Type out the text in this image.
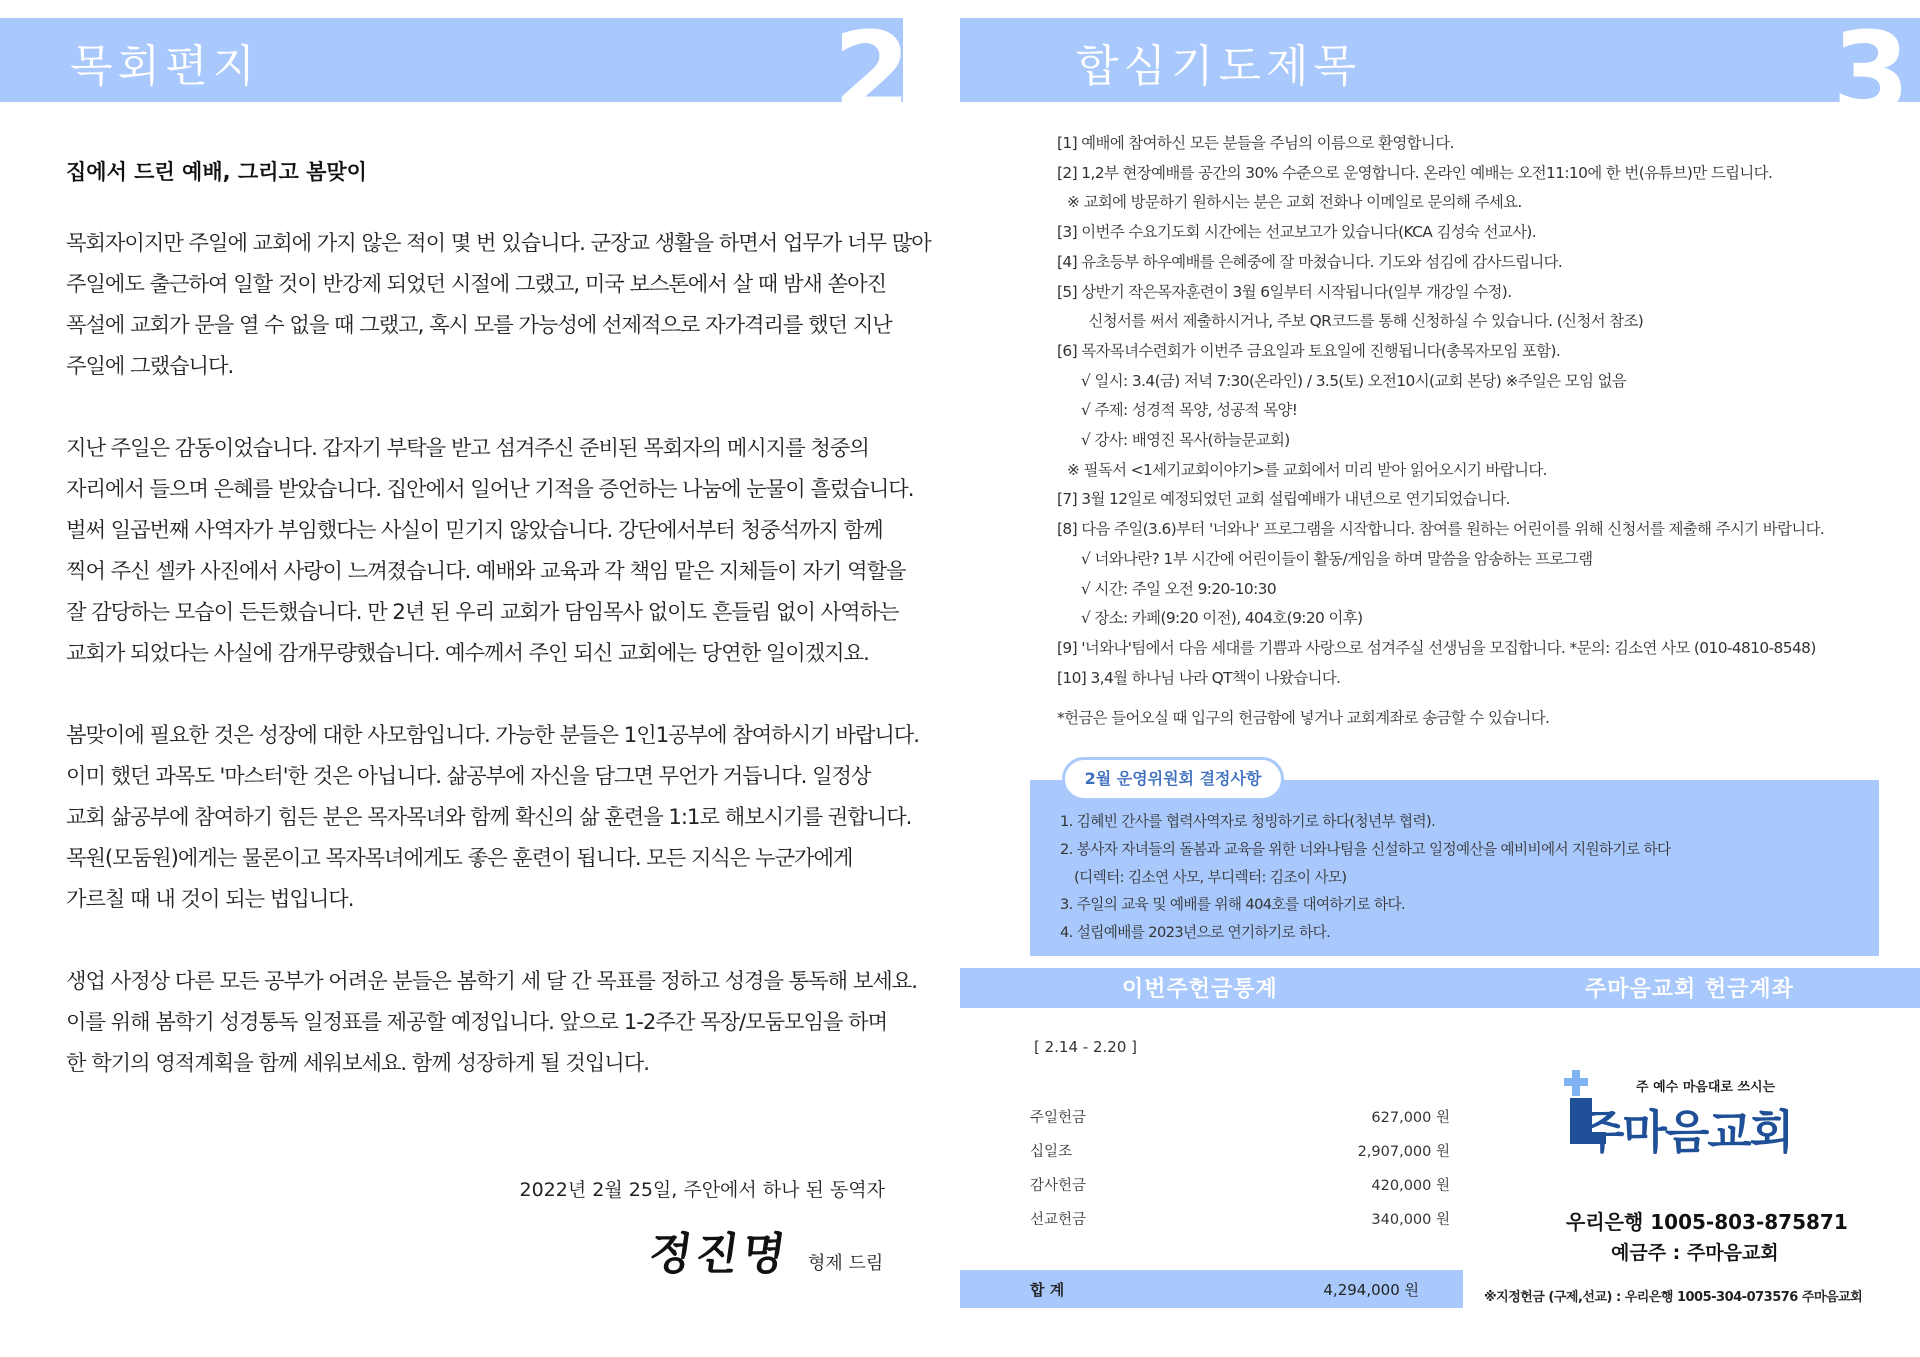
목회편지	2	합심기도제목	3
집에서 드린 예배, 그리고 봄맞이
목회자이지만 주일에 교회에 가지 않은 적이 몇 번 있습니다. 군장교 생활을 하면서 업무가 너무 많아
주일에도 출근하여 일할 것이 반강제 되었던 시절에 그랬고, 미국 보스톤에서 살 때 밤새 쏟아진
폭설에 교회가 문을 열 수 없을 때 그랬고, 혹시 모를 가능성에 선제적으로 자가격리를 했던 지난
주일에 그랬습니다.
지난 주일은 감동이었습니다. 갑자기 부탁을 받고 섬겨주신 준비된 목회자의 메시지를 청중의
자리에서 들으며 은혜를 받았습니다. 집안에서 일어난 기적을 증언하는 나눔에 눈물이 흘렀습니다.
벌써 일곱번째 사역자가 부임했다는 사실이 믿기지 않았습니다. 강단에서부터 청중석까지 함께
찍어 주신 셀카 사진에서 사랑이 느껴졌습니다. 예배와 교육과 각 책임 맡은 지체들이 자기 역할을
잘 감당하는 모습이 든든했습니다. 만 2년 된 우리 교회가 담임목사 없이도 흔들림 없이 사역하는
교회가 되었다는 사실에 감개무량했습니다. 예수께서 주인 되신 교회에는 당연한 일이겠지요.
봄맞이에 필요한 것은 성장에 대한 사모함입니다. 가능한 분들은 1인1공부에 참여하시기 바랍니다.
이미 했던 과목도 '마스터'한 것은 아닙니다. 삶공부에 자신을 담그면 무언가 거듭니다. 일정상
교회 삶공부에 참여하기 힘든 분은 목자목녀와 함께 확신의 삶 훈련을 1:1로 해보시기를 권합니다.
목원(모둠원)에게는 물론이고 목자목녀에게도 좋은 훈련이 됩니다. 모든 지식은 누군가에게
가르칠 때 내 것이 되는 법입니다.
생업 사정상 다른 모든 공부가 어려운 분들은 봄학기 세 달 간 목표를 정하고 성경을 통독해 보세요.
이를 위해 봄학기 성경통독 일정표를 제공할 예정입니다. 앞으로 1-2주간 목장/모둠모임을 하며
한 학기의 영적계획을 함께 세워보세요. 함께 성장하게 될 것입니다.
2022년 2월 25일, 주안에서 하나 된 동역자
정진명 형제 드림
[1] 예배에 참여하신 모든 분들을 주님의 이름으로 환영합니다.
[2] 1,2부 현장예배를 공간의 30% 수준으로 운영합니다. 온라인 예배는 오전11:10에 한 번(유튜브)만 드립니다.
※ 교회에 방문하기 원하시는 분은 교회 전화나 이메일로 문의해 주세요.
[3] 이번주 수요기도회 시간에는 선교보고가 있습니다(KCA 김성숙 선교사).
[4] 유초등부 하우예배를 은혜중에 잘 마쳤습니다. 기도와 섬김에 감사드립니다.
[5] 상반기 작은목자훈련이 3월 6일부터 시작됩니다(일부 개강일 수정).
신청서를 써서 제출하시거나, 주보 QR코드를 통해 신청하실 수 있습니다. (신청서 참조)
[6] 목자목녀수련회가 이번주 금요일과 토요일에 진행됩니다(총목자모임 포함).
√ 일시: 3.4(금) 저녁 7:30(온라인) / 3.5(토) 오전10시(교회 본당) ※주일은 모임 없음
√ 주제: 성경적 목양, 성공적 목양!
√ 강사: 배영진 목사(하늘문교회)
※ 필독서 <1세기교회이야기>를 교회에서 미리 받아 읽어오시기 바랍니다.
[7] 3월 12일로 예정되었던 교회 설립예배가 내년으로 연기되었습니다.
[8] 다음 주일(3.6)부터 '너와나' 프로그램을 시작합니다. 참여를 원하는 어린이를 위해 신청서를 제출해 주시기 바랍니다.
√ 너와나란? 1부 시간에 어린이들이 활동/게임을 하며 말씀을 암송하는 프로그램
√ 시간: 주일 오전 9:20-10:30
√ 장소: 카페(9:20 이전), 404호(9:20 이후)
[9] '너와나'팀에서 다음 세대를 기쁨과 사랑으로 섬겨주실 선생님을 모집합니다. *문의: 김소연 사모 (010-4810-8548)
[10] 3,4월 하나님 나라 QT책이 나왔습니다.
*헌금은 들어오실 때 입구의 헌금함에 넣거나 교회계좌로 송금할 수 있습니다.
2월 운영위원회 결정사항
1. 김혜빈 간사를 협력사역자로 청빙하기로 하다(청년부 협력).
2. 봉사자 자녀들의 돌봄과 교육을 위한 너와나팀을 신설하고 일정예산을 예비비에서 지원하기로 하다
(디렉터: 김소연 사모, 부디렉터: 김조이 사모)
3. 주일의 교육 및 예배를 위해 404호를 대여하기로 하다.
4. 설립예배를 2023년으로 연기하기로 하다.
이번주헌금통계	주마음교회 헌금계좌
[ 2.14 - 2.20 ]
주일헌금	627,000 원
십일조	2,907,000 원
감사헌금	420,000 원
선교헌금	340,000 원
합 계	4,294,000 원
주 예수 마음대로 쓰시는
주마음교회
우리은행 1005-803-875871
예금주 : 주마음교회
※지정헌금 (구제,선교) : 우리은행 1005-304-073576 주마음교회
